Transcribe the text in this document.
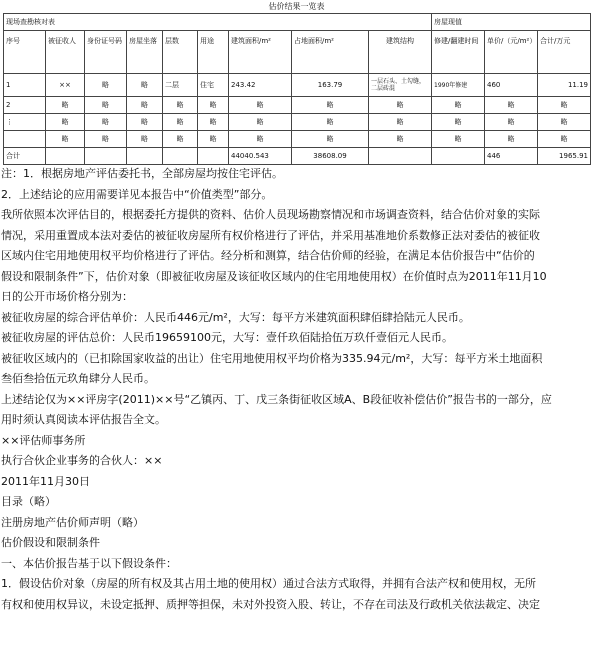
估价结果一览表
现场查勘核对表									房屋现值		
序号	被征收人	身份证号码	房屋坐落	层数	用途	建筑面积/m²	占地面积/m²	建筑结构	修建/翻建时间	单价/（元/m²）	合计/万元
1	××	略	略	二层	住宅	243.42	163.79	一层石头、土勾缝，二层砖混	1990年修建	460	11.19
2	略	略	略	略	略	略	略	略	略	略	略
⋮	略	略	略	略	略	略	略	略	略	略	略
	略	略	略	略	略	略	略	略	略	略	略
合计						44040.543	38608.09			446	1965.91

注：1．根据房地产评估委托书，全部房屋均按住宅评估。

2．上述结论的应用需要详见本报告中“价值类型”部分。

我所依照本次评估目的，根据委托方提供的资料、估价人员现场勘察情况和市场调查资料，结合估价对象的实际

情况，采用重置成本法对委估的被征收房屋所有权价格进行了评估，并采用基准地价系数修正法对委估的被征收

区域内住宅用地使用权平均价格进行了评估。经分析和测算，结合估价师的经验，在满足本估价报告中“估价的

假设和限制条件”下，估价对象（即被征收房屋及该征收区域内的住宅用地使用权）在价值时点为2011年11月10

日的公开市场价格分别为：

被征收房屋的综合评估单价：人民币446元/m²，大写：每平方米建筑面积肆佰肆拾陆元人民币。

被征收房屋的评估总价：人民币19659100元，大写：壹仟玖佰陆拾伍万玖仟壹佰元人民币。

被征收区域内的（已扣除国家收益的出让）住宅用地使用权平均价格为335.94元/m²，大写：每平方米土地面积

叁佰叁拾伍元玖角肆分人民币。

上述结论仅为××评房字(2011)××号“乙镇丙、丁、戊三条街征收区域A、B段征收补偿估价”报告书的一部分，应

用时须认真阅读本评估报告全文。

××评估师事务所

执行合伙企业事务的合伙人：××

2011年11月30日

目录（略）

注册房地产估价师声明（略）

估价假设和限制条件

一、本估价报告基于以下假设条件：

1．假设估价对象（房屋的所有权及其占用土地的使用权）通过合法方式取得，并拥有合法产权和使用权，无所

有权和使用权异议，未设定抵押、质押等担保，未对外投资入股、转让，不存在司法及行政机关依法裁定、决定
